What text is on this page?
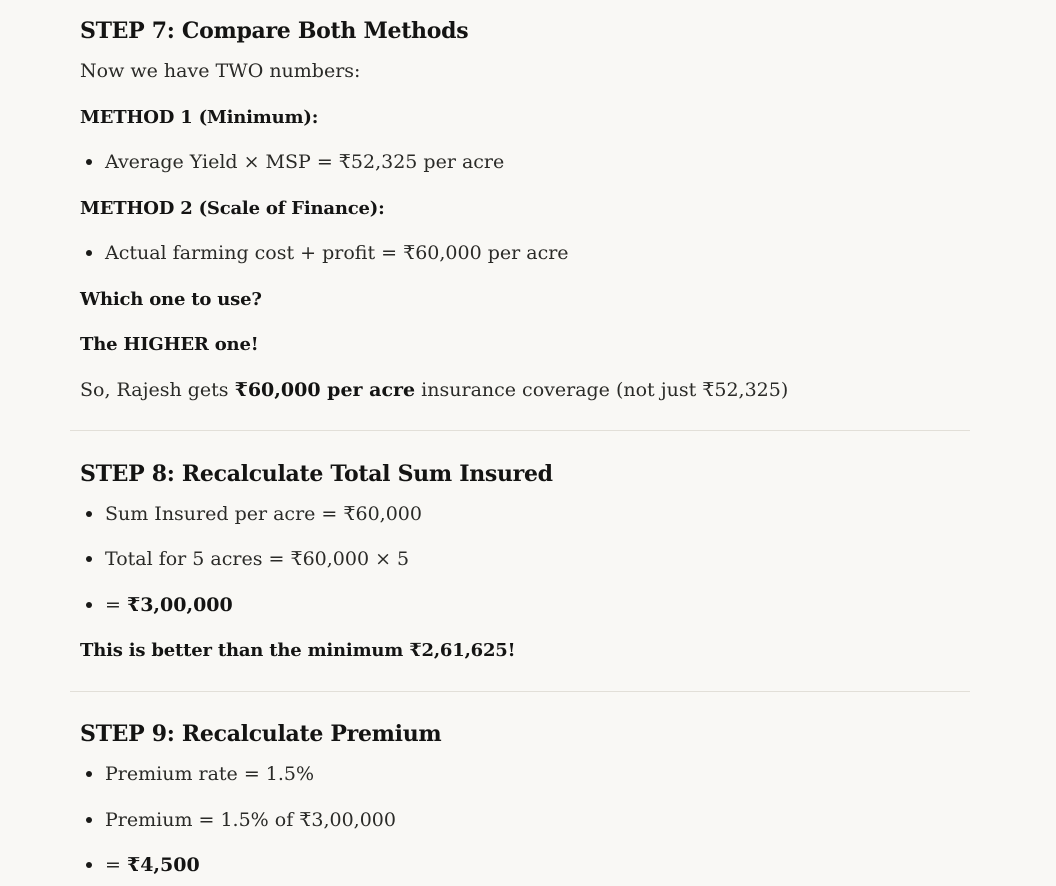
STEP 7: Compare Both Methods
Now we have TWO numbers:
METHOD 1 (Minimum):
Average Yield × MSP = ₹52,325 per acre
METHOD 2 (Scale of Finance):
Actual farming cost + profit = ₹60,000 per acre
Which one to use?
The HIGHER one!
So, Rajesh gets ₹60,000 per acre insurance coverage (not just ₹52,325)
STEP 8: Recalculate Total Sum Insured
Sum Insured per acre = ₹60,000
Total for 5 acres = ₹60,000 × 5
= ₹3,00,000
This is better than the minimum ₹2,61,625!
STEP 9: Recalculate Premium
Premium rate = 1.5%
Premium = 1.5% of ₹3,00,000
= ₹4,500
